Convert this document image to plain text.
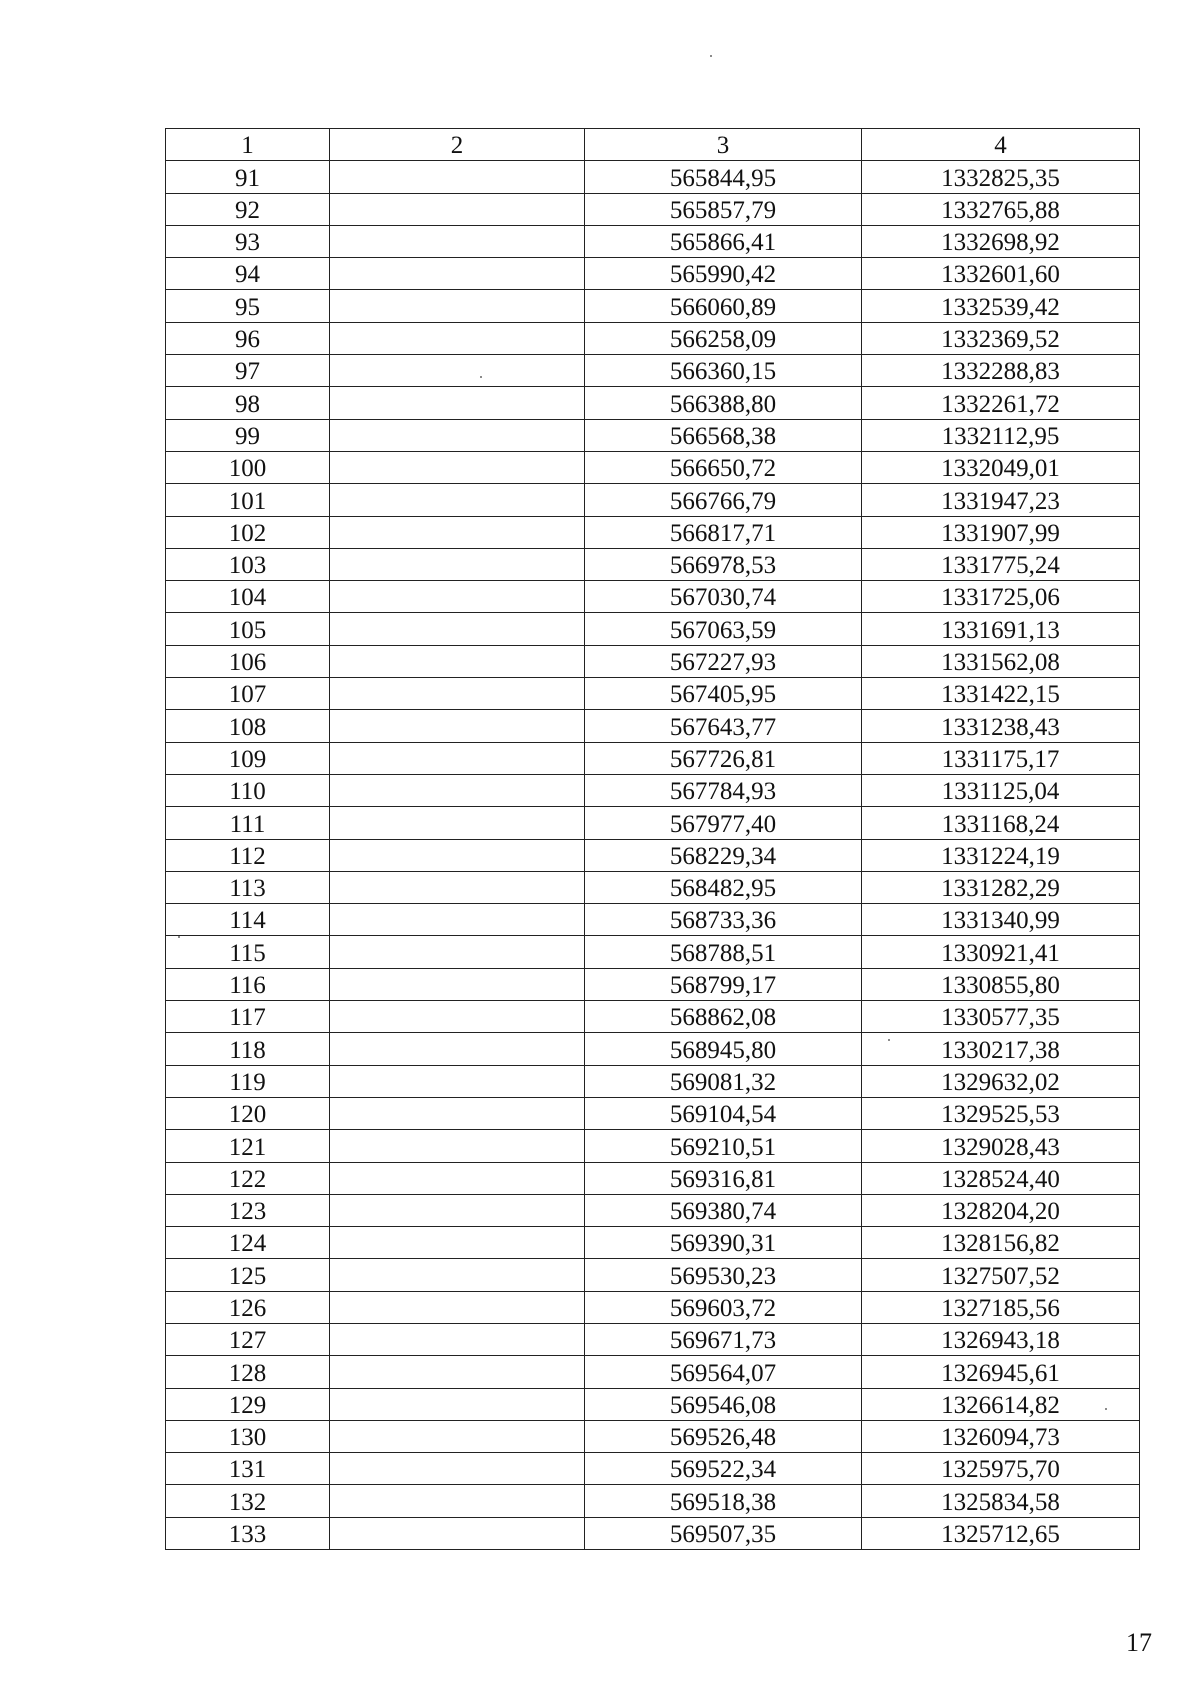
1	2	3	4
91		565844,95	1332825,35
92		565857,79	1332765,88
93		565866,41	1332698,92
94		565990,42	1332601,60
95		566060,89	1332539,42
96		566258,09	1332369,52
97		566360,15	1332288,83
98		566388,80	1332261,72
99		566568,38	1332112,95
100		566650,72	1332049,01
101		566766,79	1331947,23
102		566817,71	1331907,99
103		566978,53	1331775,24
104		567030,74	1331725,06
105		567063,59	1331691,13
106		567227,93	1331562,08
107		567405,95	1331422,15
108		567643,77	1331238,43
109		567726,81	1331175,17
110		567784,93	1331125,04
111		567977,40	1331168,24
112		568229,34	1331224,19
113		568482,95	1331282,29
114		568733,36	1331340,99
115		568788,51	1330921,41
116		568799,17	1330855,80
117		568862,08	1330577,35
118		568945,80	1330217,38
119		569081,32	1329632,02
120		569104,54	1329525,53
121		569210,51	1329028,43
122		569316,81	1328524,40
123		569380,74	1328204,20
124		569390,31	1328156,82
125		569530,23	1327507,52
126		569603,72	1327185,56
127		569671,73	1326943,18
128		569564,07	1326945,61
129		569546,08	1326614,82
130		569526,48	1326094,73
131		569522,34	1325975,70
132		569518,38	1325834,58
133		569507,35	1325712,65
17
